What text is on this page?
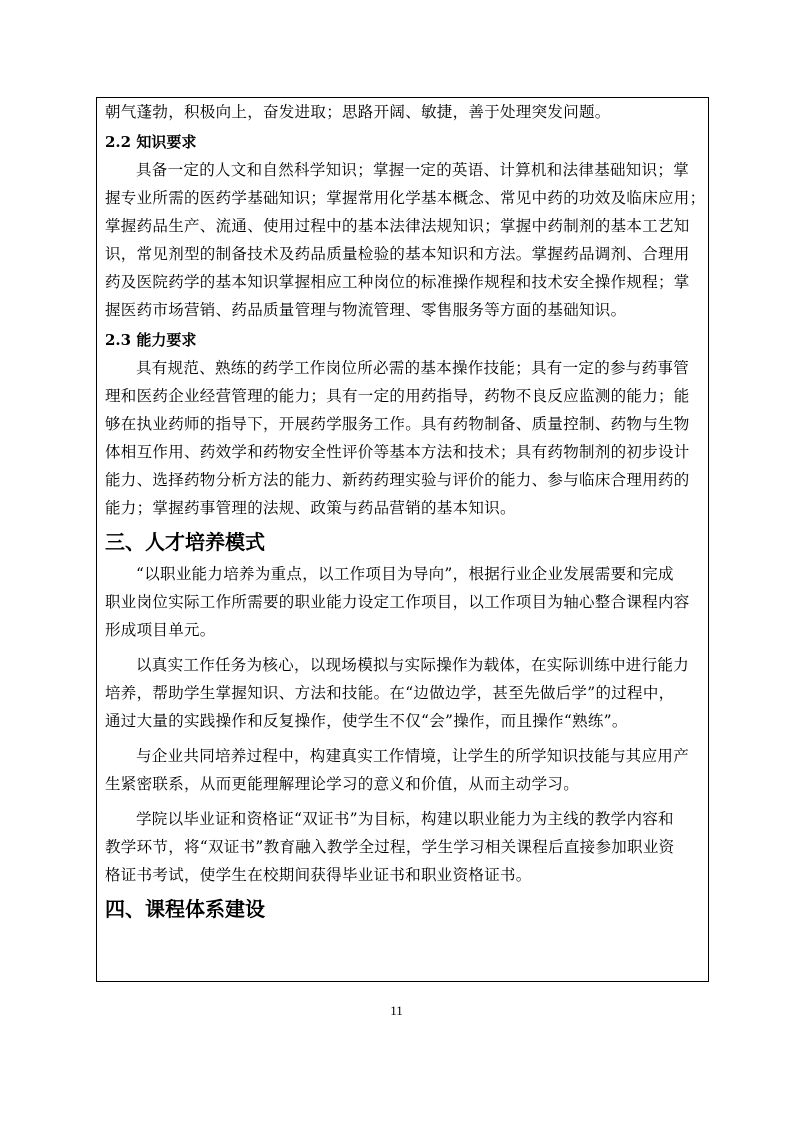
朝气蓬勃，积极向上，奋发进取；思路开阔、敏捷，善于处理突发问题。
2.2 知识要求
具备一定的人文和自然科学知识；掌握一定的英语、计算机和法律基础知识；掌
握专业所需的医药学基础知识；掌握常用化学基本概念、常见中药的功效及临床应用；
掌握药品生产、流通、使用过程中的基本法律法规知识；掌握中药制剂的基本工艺知
识，常见剂型的制备技术及药品质量检验的基本知识和方法。掌握药品调剂、合理用
药及医院药学的基本知识掌握相应工种岗位的标准操作规程和技术安全操作规程；掌
握医药市场营销、药品质量管理与物流管理、零售服务等方面的基础知识。
2.3 能力要求
具有规范、熟练的药学工作岗位所必需的基本操作技能；具有一定的参与药事管
理和医药企业经营管理的能力；具有一定的用药指导，药物不良反应监测的能力；能
够在执业药师的指导下，开展药学服务工作。具有药物制备、质量控制、药物与生物
体相互作用、药效学和药物安全性评价等基本方法和技术；具有药物制剂的初步设计
能力、选择药物分析方法的能力、新药药理实验与评价的能力、参与临床合理用药的
能力；掌握药事管理的法规、政策与药品营销的基本知识。
三、人才培养模式
“以职业能力培养为重点，以工作项目为导向”，根据行业企业发展需要和完成
职业岗位实际工作所需要的职业能力设定工作项目，以工作项目为轴心整合课程内容
形成项目单元。
以真实工作任务为核心，以现场模拟与实际操作为载体，在实际训练中进行能力
培养，帮助学生掌握知识、方法和技能。在“边做边学，甚至先做后学”的过程中，
通过大量的实践操作和反复操作，使学生不仅“会”操作，而且操作“熟练”。
与企业共同培养过程中，构建真实工作情境，让学生的所学知识技能与其应用产
生紧密联系，从而更能理解理论学习的意义和价值，从而主动学习。
学院以毕业证和资格证“双证书”为目标，构建以职业能力为主线的教学内容和
教学环节，将“双证书”教育融入教学全过程，学生学习相关课程后直接参加职业资
格证书考试，使学生在校期间获得毕业证书和职业资格证书。
四、课程体系建设
11
